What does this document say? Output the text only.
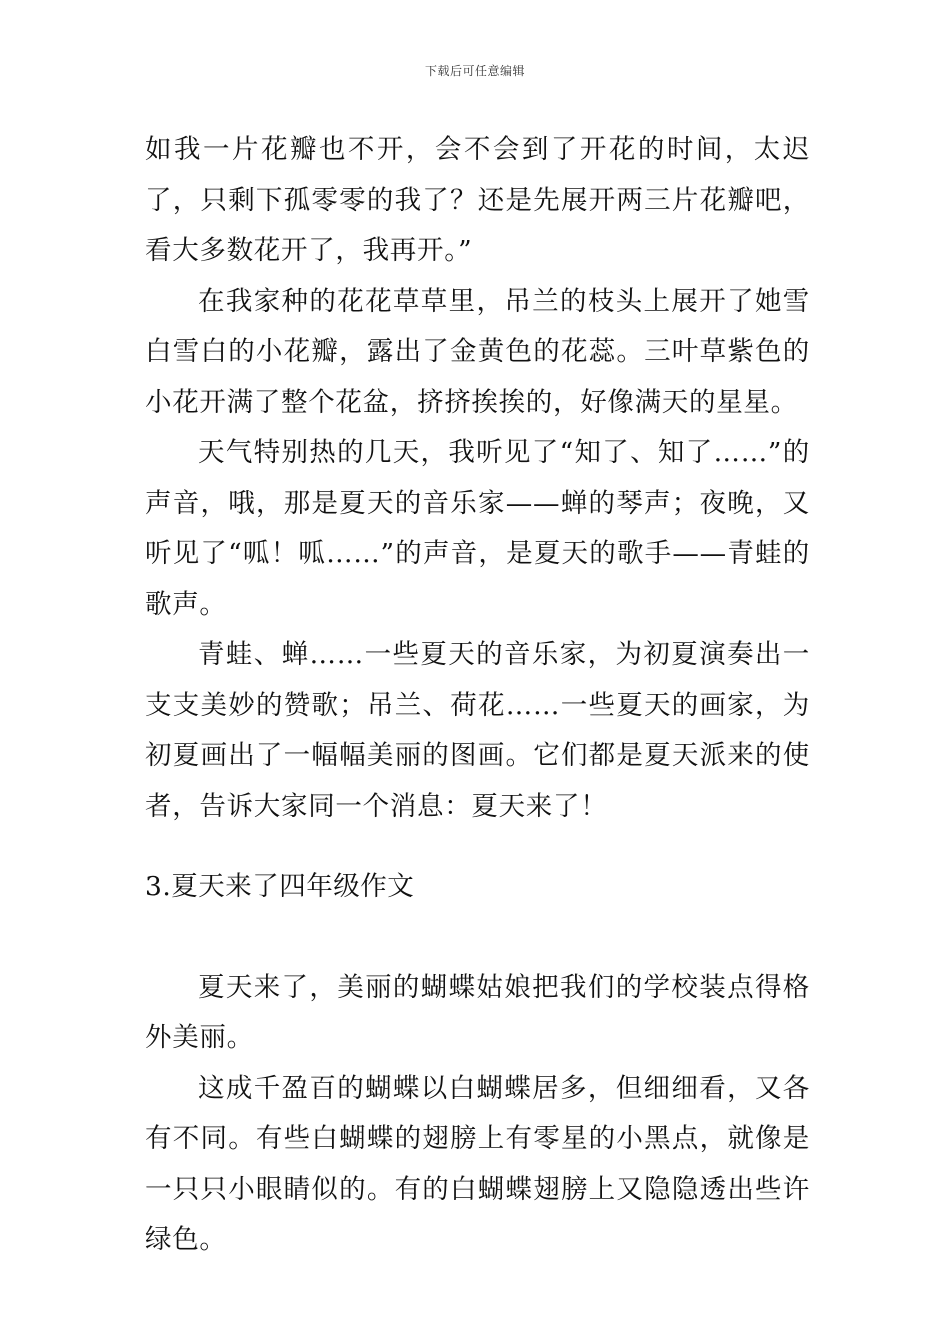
下载后可任意编辑

如我一片花瓣也不开，会不会到了开花的时间，太迟了，只剩下孤零零的我了？还是先展开两三片花瓣吧，看大多数花开了，我再开。”

在我家种的花花草草里，吊兰的枝头上展开了她雪白雪白的小花瓣，露出了金黄色的花蕊。三叶草紫色的小花开满了整个花盆，挤挤挨挨的，好像满天的星星。

天气特别热的几天，我听见了“知了、知了……”的声音，哦，那是夏天的音乐家——蝉的琴声；夜晚，又听见了“呱！呱……”的声音，是夏天的歌手——青蛙的歌声。

青蛙、蝉……一些夏天的音乐家，为初夏演奏出一支支美妙的赞歌；吊兰、荷花……一些夏天的画家，为初夏画出了一幅幅美丽的图画。它们都是夏天派来的使者，告诉大家同一个消息：夏天来了！

3.夏天来了四年级作文

夏天来了，美丽的蝴蝶姑娘把我们的学校装点得格外美丽。

这成千盈百的蝴蝶以白蝴蝶居多，但细细看，又各有不同。有些白蝴蝶的翅膀上有零星的小黑点，就像是一只只小眼睛似的。有的白蝴蝶翅膀上又隐隐透出些许绿色。
